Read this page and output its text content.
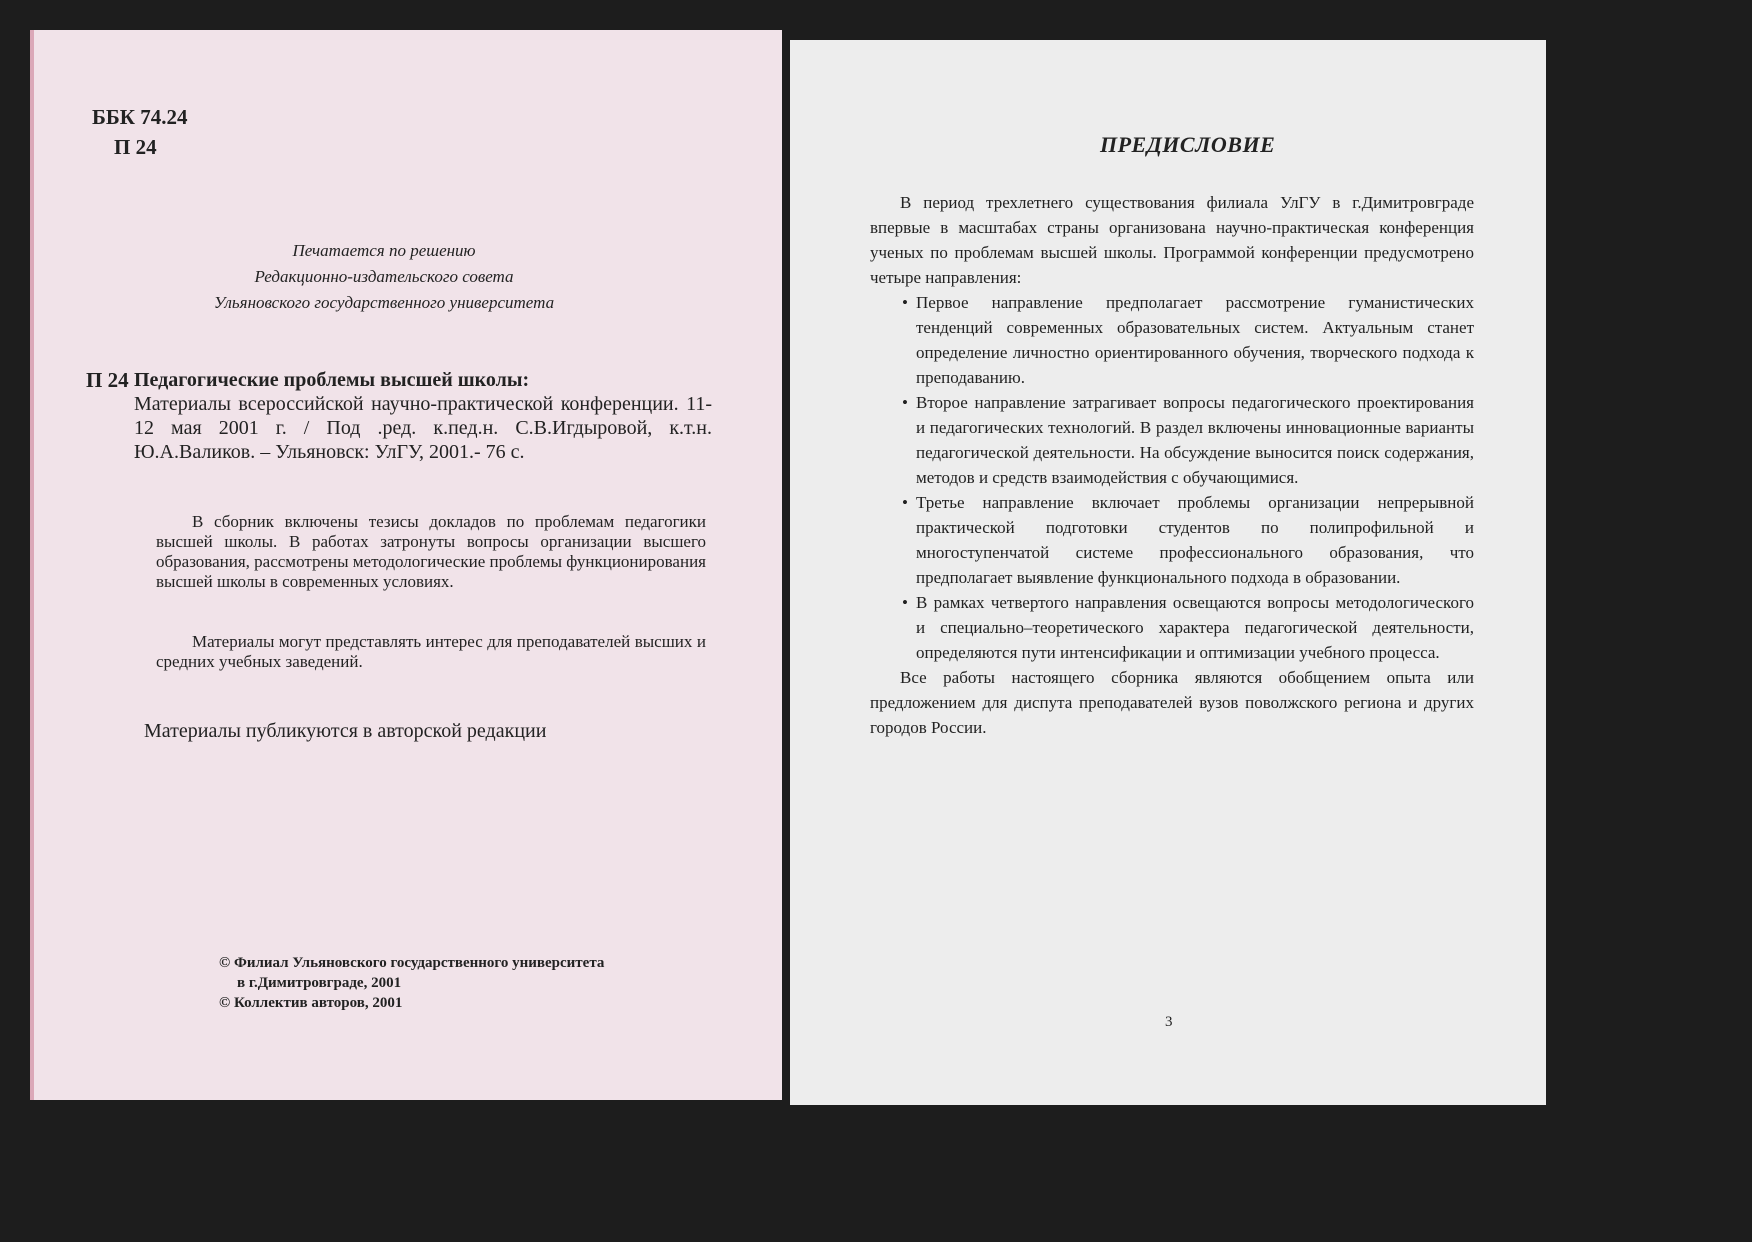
ББК 74.24
П 24
Печатается по решению
Редакционно-издательского совета
Ульяновского государственного университета
П 24 Педагогические проблемы высшей школы:
Материалы всероссийской научно-практической конференции. 11-12 мая 2001 г. / Под .ред. к.пед.н. С.В.Игдыровой, к.т.н. Ю.А.Валиков. – Ульяновск: УлГУ, 2001.- 76 с.

В сборник включены тезисы докладов по проблемам педагогики высшей школы. В работах затронуты вопросы организации высшего образования, рассмотрены методологические проблемы функционирования высшей школы в современных условиях.

Материалы могут представлять интерес для преподавателей высших и средних учебных заведений.

Материалы публикуются в авторской редакции
© Филиал Ульяновского государственного университета
в г.Димитровграде, 2001
© Коллектив авторов, 2001
ПРЕДИСЛОВИЕ

В период трехлетнего существования филиала УлГУ в г.Димитровграде впервые в масштабах страны организована научно-практическая конференция ученых по проблемам высшей школы. Программой конференции предусмотрено четыре направления:

• Первое направление предполагает рассмотрение гуманистических тенденций современных образовательных систем. Актуальным станет определение личностно ориентированного обучения, творческого подхода к преподаванию.
• Второе направление затрагивает вопросы педагогического проектирования и педагогических технологий. В раздел включены инновационные варианты педагогической деятельности. На обсуждение выносится поиск содержания, методов и средств взаимодействия с обучающимися.
• Третье направление включает проблемы организации непрерывной практической подготовки студентов по полипрофильной и многоступенчатой системе профессионального образования, что предполагает выявление функционального подхода в образовании.
• В рамках четвертого направления освещаются вопросы методологического и специально–теоретического характера педагогической деятельности, определяются пути интенсификации и оптимизации учебного процесса.

Все работы настоящего сборника являются обобщением опыта или предложением для диспута преподавателей вузов поволжского региона и других городов России.

3
